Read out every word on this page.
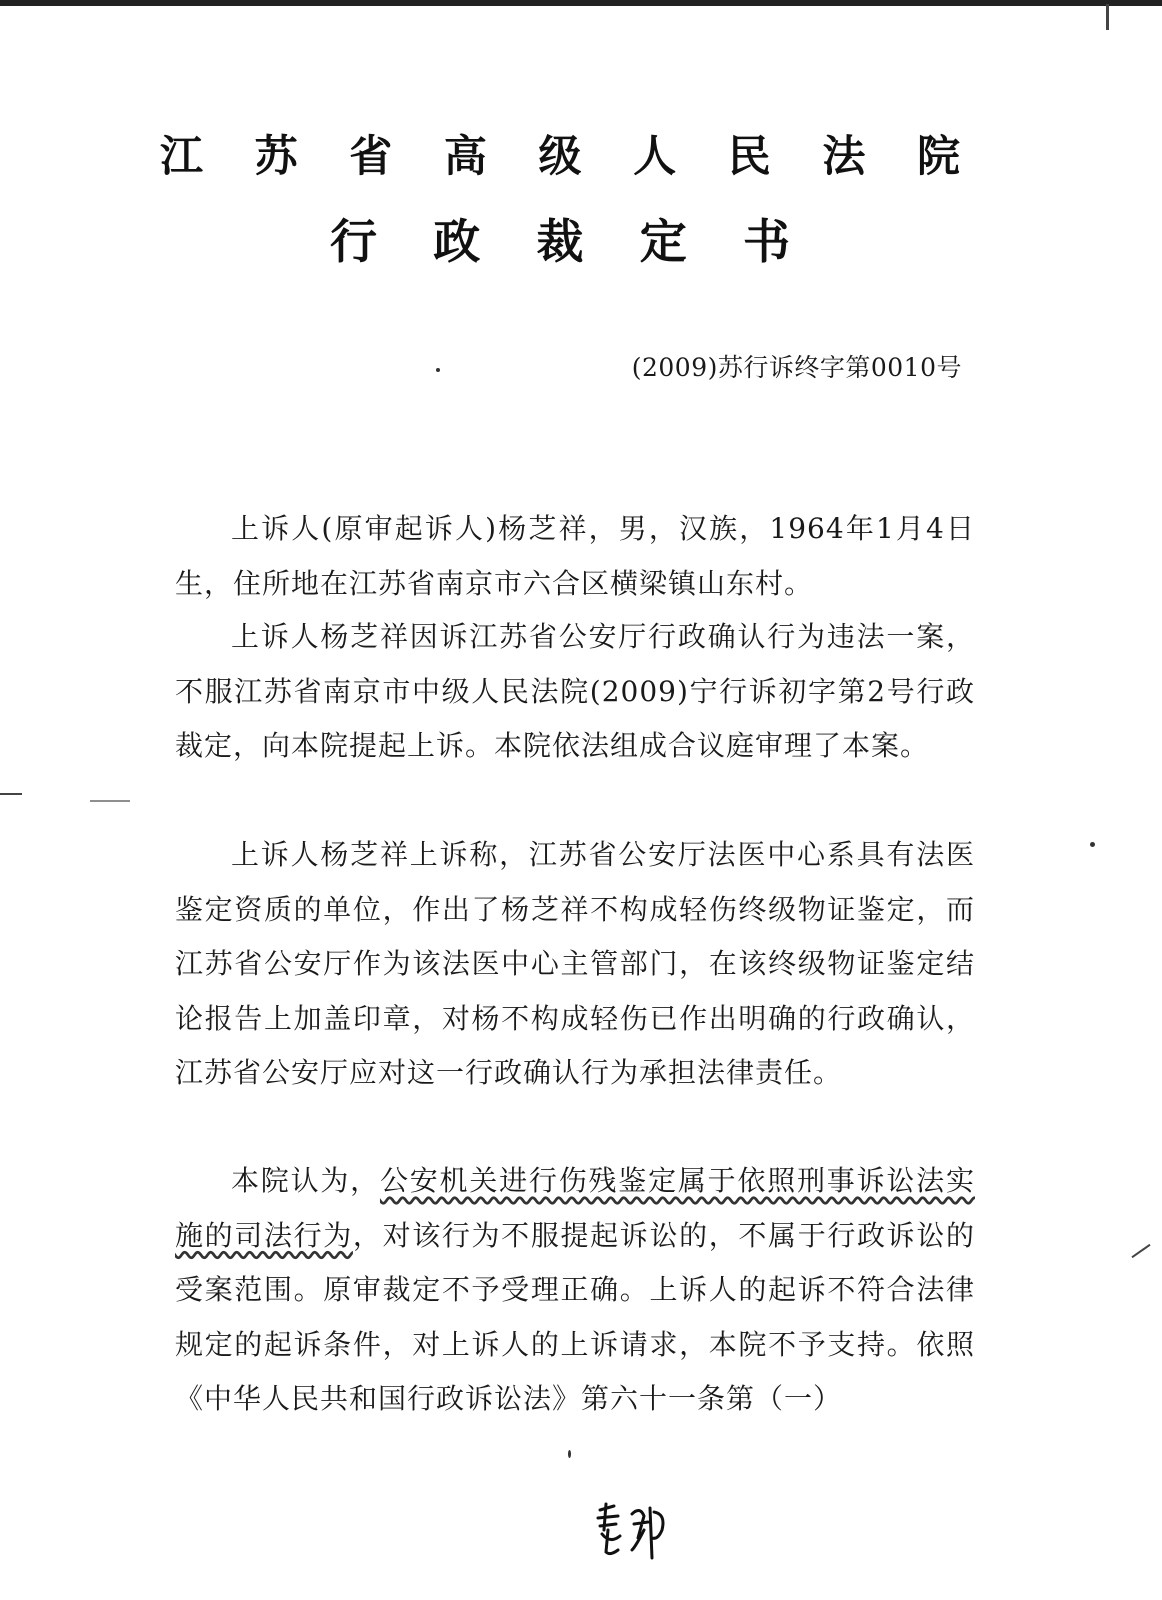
江 苏 省 高 级 人 民 法 院
行 政 裁 定 书
(2009)苏行诉终字第0010号

上诉人(原审起诉人)杨芝祥，男，汉族，1964年1月4日生，住所地在江苏省南京市六合区横梁镇山东村。

上诉人杨芝祥因诉江苏省公安厅行政确认行为违法一案，不服江苏省南京市中级人民法院(2009)宁行诉初字第2号行政裁定，向本院提起上诉。本院依法组成合议庭审理了本案。

上诉人杨芝祥上诉称，江苏省公安厅法医中心系具有法医鉴定资质的单位，作出了杨芝祥不构成轻伤终级物证鉴定，而江苏省公安厅作为该法医中心主管部门，在该终级物证鉴定结论报告上加盖印章，对杨不构成轻伤已作出明确的行政确认，江苏省公安厅应对这一行政确认行为承担法律责任。

本院认为，公安机关进行伤残鉴定属于依照刑事诉讼法实施的司法行为，对该行为不服提起诉讼的，不属于行政诉讼的受案范围。原审裁定不予受理正确。上诉人的起诉不符合法律规定的起诉条件，对上诉人的上诉请求，本院不予支持。依照《中华人民共和国行政诉讼法》第六十一条第（一）
